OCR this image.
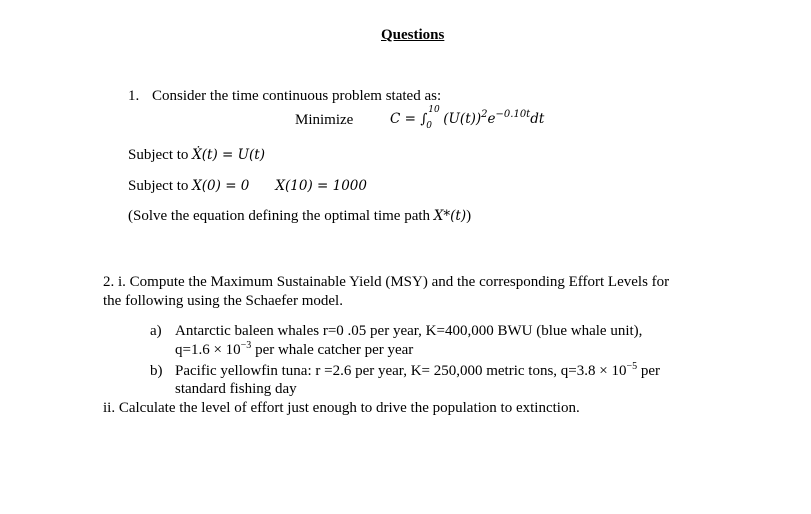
Questions
1. Consider the time continuous problem stated as:
Minimize	C = ∫
10
0 $(U(t))^2e^{-0.10t}dt$
Subject to Ẋ(t) = U(t)
Subject to X(0) = 0 X(10) = 1000
(Solve the equation defining the optimal time path X*(t))
2. i. Compute the Maximum Sustainable Yield (MSY) and the corresponding Effort Levels for
the following using the Schaefer model.
a) Antarctic baleen whales r=0 .05 per year, K=400,000 BWU (blue whale unit),
$q=1.6 \times 10^{-3}$ per whale catcher per year
b) Pacific yellowfin tuna: r =2.6 per year, K= 250,000 metric tons, $q=3.8 \times 10^{-5}$ per
standard fishing day
ii. Calculate the level of effort just enough to drive the population to extinction.
